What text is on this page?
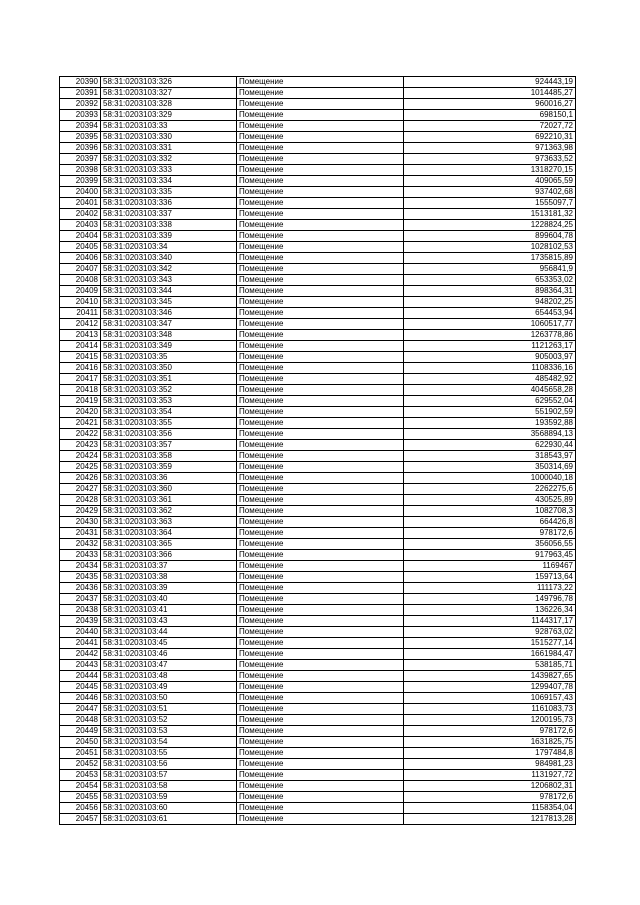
20390	58:31:0203103:326	Помещение	924443,19
20391	58:31:0203103:327	Помещение	1014485,27
20392	58:31:0203103:328	Помещение	960016,27
20393	58:31:0203103:329	Помещение	698150,1
20394	58:31:0203103:33	Помещение	72027,72
20395	58:31:0203103:330	Помещение	692210,31
20396	58:31:0203103:331	Помещение	971363,98
20397	58:31:0203103:332	Помещение	973633,52
20398	58:31:0203103:333	Помещение	1318270,15
20399	58:31:0203103:334	Помещение	409065,59
20400	58:31:0203103:335	Помещение	937402,68
20401	58:31:0203103:336	Помещение	1555097,7
20402	58:31:0203103:337	Помещение	1513181,32
20403	58:31:0203103:338	Помещение	1228824,25
20404	58:31:0203103:339	Помещение	899604,78
20405	58:31:0203103:34	Помещение	1028102,53
20406	58:31:0203103:340	Помещение	1735815,89
20407	58:31:0203103:342	Помещение	956841,9
20408	58:31:0203103:343	Помещение	653353,02
20409	58:31:0203103:344	Помещение	898364,31
20410	58:31:0203103:345	Помещение	948202,25
20411	58:31:0203103:346	Помещение	654453,94
20412	58:31:0203103:347	Помещение	1060517,77
20413	58:31:0203103:348	Помещение	1263778,86
20414	58:31:0203103:349	Помещение	1121263,17
20415	58:31:0203103:35	Помещение	905003,97
20416	58:31:0203103:350	Помещение	1108336,16
20417	58:31:0203103:351	Помещение	485482,92
20418	58:31:0203103:352	Помещение	4045658,28
20419	58:31:0203103:353	Помещение	629552,04
20420	58:31:0203103:354	Помещение	551902,59
20421	58:31:0203103:355	Помещение	193592,88
20422	58:31:0203103:356	Помещение	3568894,13
20423	58:31:0203103:357	Помещение	622930,44
20424	58:31:0203103:358	Помещение	318543,97
20425	58:31:0203103:359	Помещение	350314,69
20426	58:31:0203103:36	Помещение	1000040,18
20427	58:31:0203103:360	Помещение	2262275,6
20428	58:31:0203103:361	Помещение	430525,89
20429	58:31:0203103:362	Помещение	1082708,3
20430	58:31:0203103:363	Помещение	664426,8
20431	58:31:0203103:364	Помещение	978172,6
20432	58:31:0203103:365	Помещение	356056,55
20433	58:31:0203103:366	Помещение	917963,45
20434	58:31:0203103:37	Помещение	1169467
20435	58:31:0203103:38	Помещение	159713,64
20436	58:31:0203103:39	Помещение	111173,22
20437	58:31:0203103:40	Помещение	149796,78
20438	58:31:0203103:41	Помещение	136226,34
20439	58:31:0203103:43	Помещение	1144317,17
20440	58:31:0203103:44	Помещение	928763,02
20441	58:31:0203103:45	Помещение	1515277,14
20442	58:31:0203103:46	Помещение	1661984,47
20443	58:31:0203103:47	Помещение	538185,71
20444	58:31:0203103:48	Помещение	1439827,65
20445	58:31:0203103:49	Помещение	1299407,78
20446	58:31:0203103:50	Помещение	1069157,43
20447	58:31:0203103:51	Помещение	1161083,73
20448	58:31:0203103:52	Помещение	1200195,73
20449	58:31:0203103:53	Помещение	978172,6
20450	58:31:0203103:54	Помещение	1631825,75
20451	58:31:0203103:55	Помещение	1797484,8
20452	58:31:0203103:56	Помещение	984981,23
20453	58:31:0203103:57	Помещение	1131927,72
20454	58:31:0203103:58	Помещение	1206802,31
20455	58:31:0203103:59	Помещение	978172,6
20456	58:31:0203103:60	Помещение	1158354,04
20457	58:31:0203103:61	Помещение	1217813,28
